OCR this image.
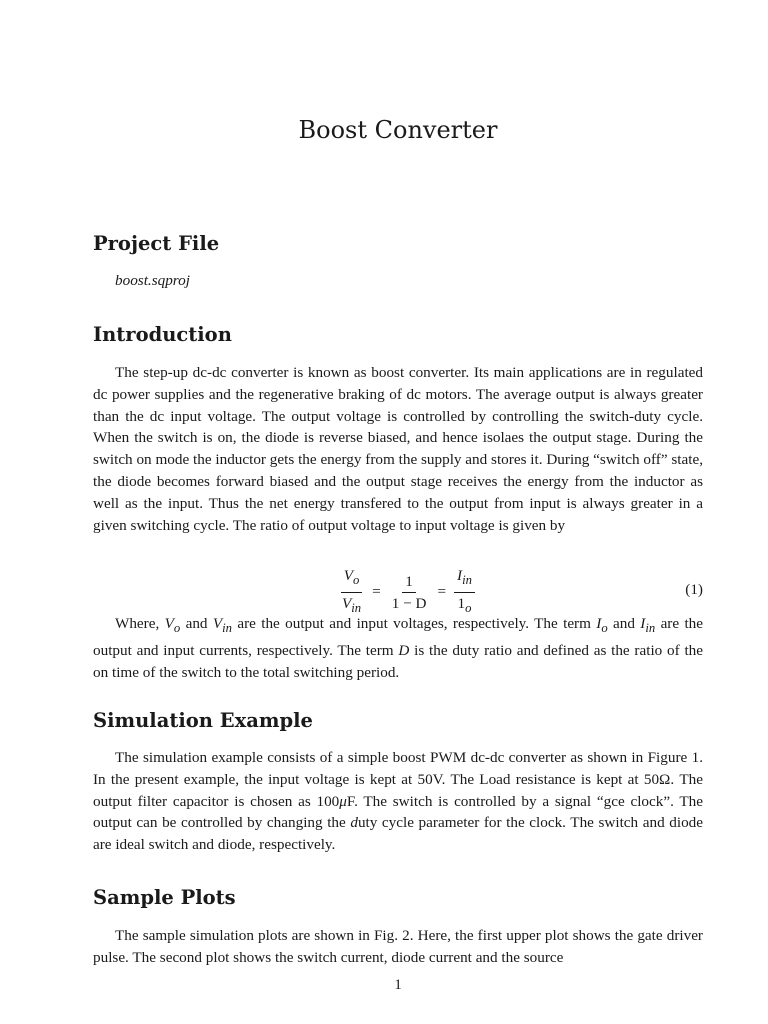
Boost Converter
Project File
boost.sqproj
Introduction

The step-up dc-dc converter is known as boost converter. Its main applications are in regulated dc power supplies and the regenerative braking of dc motors. The average output is always greater than the dc input voltage. The output voltage is controlled by controlling the switch-duty cycle. When the switch is on, the diode is reverse biased, and hence isolaes the output stage. During the switch on mode the inductor gets the energy from the supply and stores it. During “switch off” state, the diode becomes forward biased and the output stage receives the energy from the inductor as well as the input. Thus the net energy transfered to the output from input is always greater in a given switching cycle. The ratio of output voltage to input voltage is given by

$\frac{V_o}{V_{in}} = \frac{1}{1 - D} = \frac{I_{in}}{1_o}$	(1)

Where, $V_o$ and $V_{in}$ are the output and input voltages, respectively. The term $I_o$ and $I_{in}$ are the output and input currents, respectively. The term D is the duty ratio and defined as the ratio of the on time of the switch to the total switching period.

Simulation Example

The simulation example consists of a simple boost PWM dc-dc converter as shown in Figure 1. In the present example, the input voltage is kept at 50V. The Load resistance is kept at 50Ω. The output filter capacitor is chosen as 100μF. The switch is controlled by a signal “gce clock”. The output can be controlled by changing the duty cycle parameter for the clock. The switch and diode are ideal switch and diode, respectively.

Sample Plots

The sample simulation plots are shown in Fig. 2. Here, the first upper plot shows the gate driver pulse. The second plot shows the switch current, diode current and the source

1
